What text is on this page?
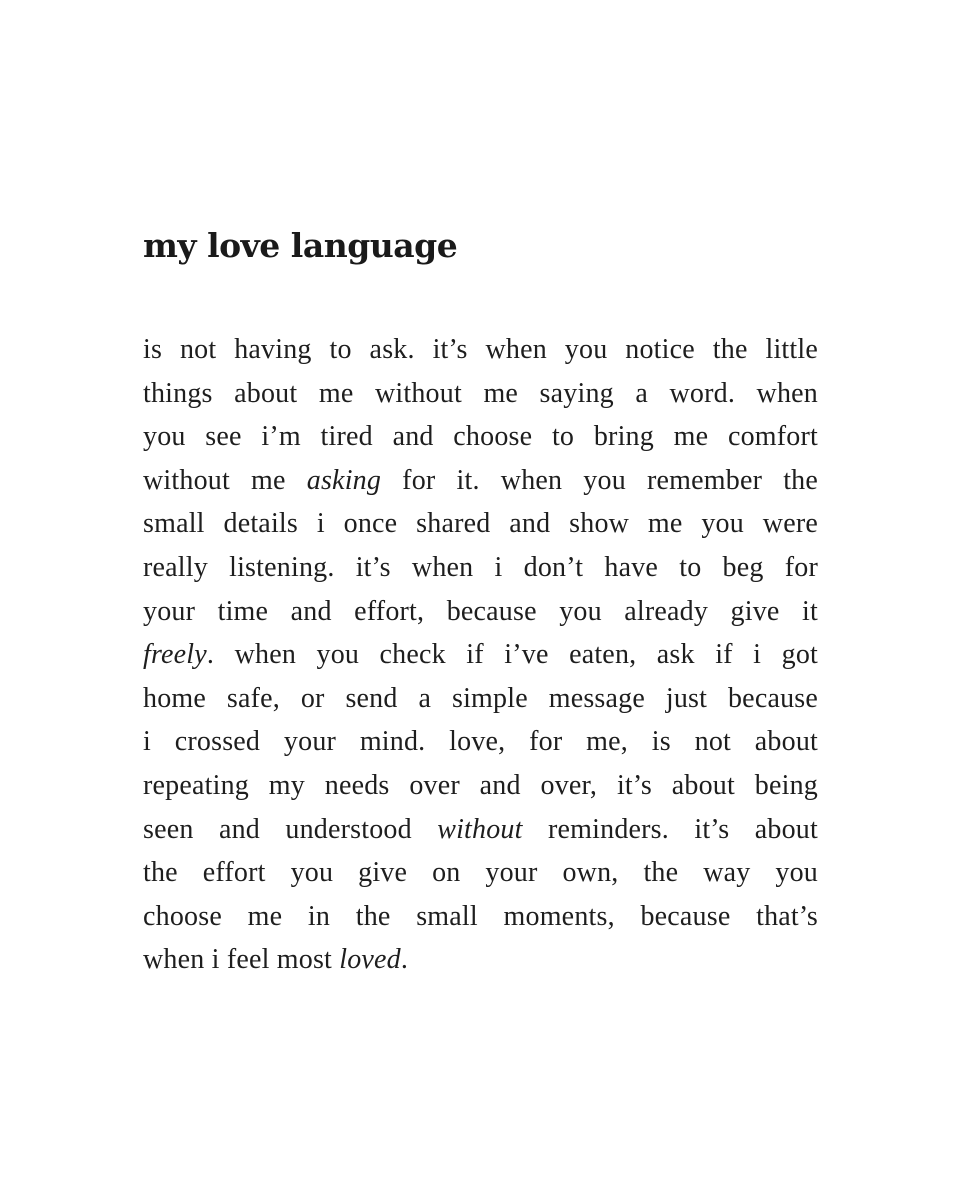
my love language
is not having to ask. it’s when you notice the little
things about me without me saying a word. when
you see i’m tired and choose to bring me comfort
without me asking for it. when you remember the
small details i once shared and show me you were
really listening. it’s when i don’t have to beg for
your time and effort, because you already give it
freely. when you check if i’ve eaten, ask if i got
home safe, or send a simple message just because
i crossed your mind. love, for me, is not about
repeating my needs over and over, it’s about being
seen and understood without reminders. it’s about
the effort you give on your own, the way you
choose me in the small moments, because that’s
when i feel most loved.
